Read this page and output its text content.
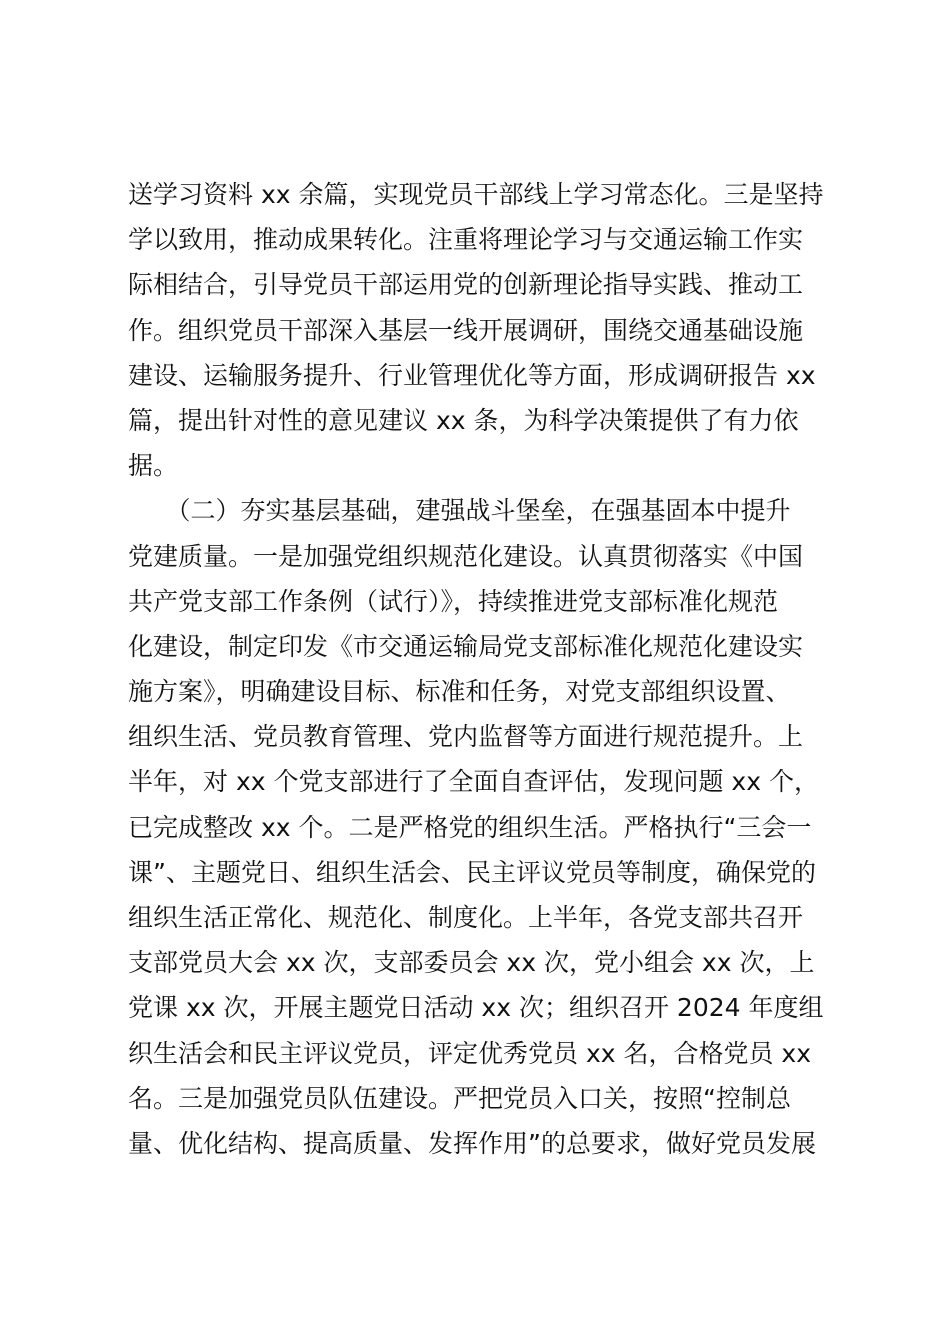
送学习资料 xx 余篇，实现党员干部线上学习常态化。三是坚持
学以致用，推动成果转化。注重将理论学习与交通运输工作实
际相结合，引导党员干部运用党的创新理论指导实践、推动工
作。组织党员干部深入基层一线开展调研，围绕交通基础设施
建设、运输服务提升、行业管理优化等方面，形成调研报告 xx
篇，提出针对性的意见建议 xx 条，为科学决策提供了有力依
据。
　　（二）夯实基层基础，建强战斗堡垒，在强基固本中提升
党建质量。一是加强党组织规范化建设。认真贯彻落实《中国
共产党支部工作条例（试行）》，持续推进党支部标准化规范
化建设，制定印发《市交通运输局党支部标准化规范化建设实
施方案》，明确建设目标、标准和任务，对党支部组织设置、
组织生活、党员教育管理、党内监督等方面进行规范提升。上
半年，对 xx 个党支部进行了全面自查评估，发现问题 xx 个，
已完成整改 xx 个。二是严格党的组织生活。严格执行“三会一
课”、主题党日、组织生活会、民主评议党员等制度，确保党的
组织生活正常化、规范化、制度化。上半年，各党支部共召开
支部党员大会 xx 次，支部委员会 xx 次，党小组会 xx 次，上
党课 xx 次，开展主题党日活动 xx 次；组织召开 2024 年度组
织生活会和民主评议党员，评定优秀党员 xx 名，合格党员 xx
名。三是加强党员队伍建设。严把党员入口关，按照“控制总
量、优化结构、提高质量、发挥作用”的总要求，做好党员发展
